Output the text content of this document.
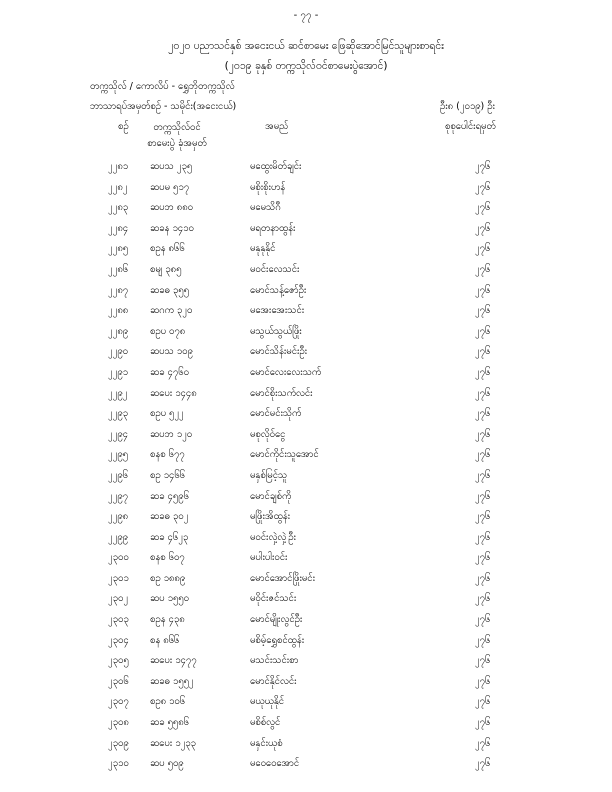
- ၇၇ -
၂၀၂၀ ပညာသင်နှစ် အငေးငယ် ဆင်စာမေး ဖြေဆိုအောင်မြင်သူများစာရင်း
(၂၀၁၉ ခုနှစ် တက္ကသိုလ်ဝင်စာမေးပွဲအောင်)
တက္ကသိုလ် / ကောလိပ် - ရွှေဘိုတက္ကသိုလ်
ဘာသာရပ်အမှတ်စဉ် - သမိုင်း(အငေးငယ်)	ဦး၈ (၂၀၁၉) ဦး
စဉ်	တက္ကသိုလ်ဝင်စာမေးပွဲ ခုံအမှတ်
အမည်	စုစုပေါင်းရမှတ်
၂၂၈၁ ဆပသ ၂၃၅	မထွေးမိတ်ချင်း	၂၇၆
၂၂၈၂ ဆပမ ၅၁၇	မစိုးစိုးဟန်	၂၇၆
၂၂၈၃ ဆပဘ ၈၈၀	မမေသိဂီ	၂၇၆
၂၂၈၄ ဆခန ၁၄၁၀	မရတနာထွန်း	၂၇၆
၂၂၈၅ စဥန ၈၆၆	မနုနုနိုင်	၂၇၆
၂၂၈၆ စမျ ၃၈၅	မဝင်းလေသင်း	၂၇၆
၂၂၈၇ ဆခဓ ၃၅၅	မောင်သန့်ဇော်ဦး	၂၇၆
၂၂၈၈ ဆဂက ၃၂၀	မအေးအေးသင်း	၂၇၆
၂၂၈၉ စဥပ ၀၇၈	မသွယ်သွယ်ဖြိုး	၂၇၆
၂၂၉၀ ဆပသ ၁၀၉	မောင်သိန်းမင်းဦး	၂၇၆
၂၂၉၁ ဆခ ၄၇၆၀	မောင်လေးလေးသက်	၂၇၆
၂၂၉၂ ဆပေး ၁၄၄၈	မောင်စိုးသက်လင်း	၂၇၆
၂၂၉၃ စဥပ ၅၂၂	မောင်မင်းသိုက်	၂၇၆
၂၂၉၄ ဆပဘ ၁၂၀	မစုလိုဝ်ငွေ	၂၇၆
၂၂၉၅ စနစ ၆၇၇	မောင်ကိုင်းသူအောင်	၂၇၆
၂၂၉၆ စဥ ၁၄၆၆	မနှစ်မြင့်သူ	၂၇၆
၂၂၉၇ ဆခ ၄၅၉၆	မောင်ချစ်ကို	၂၇၆
၂၂၉၈ ဆခဓ ၃၀၂	မဖြိုးအိထွန်း	၂၇၆
၂၂၉၉ ဆခ ၄၆၂၃	မဝင်းလှဲ့လှဲ့ဦး	၂၇၆
၂၃၀၀ စနစ ၆၀၇	မပါးပါးဝင်း	၂၇၆
၂၃၀၁ စဥ ၁၈၈၉	မောင်အောင်ဖြိုးမင်း	၂၇၆
၂၃၀၂ ဆပ ၁၅၅၀	မဝိုင်းဇင်သင်း	၂၇၆
၂၃၀၃ စဥန ၄၃၈	မောင်မျိုးလွင်ဦး	၂၇၆
၂၃၀၄ စန ၈၆၆	မစိမ့်ရွှေစင်ထွန်း	၂၇၆
၂၃၀၅ ဆပေး ၁၄၇၇	မသင်းသင်းစာ	၂၇၆
၂၃၀၆ ဆခဓ ၁၅၅၂	မောင်နိုင်လင်း	၂၇၆
၂၃၀၇ စဥ၈ ၁၀၆	မယုယုနိုင်	၂၇၆
၂၃၀၈ ဆခ ၅၅၈၆	မစိစ်လွင်	၂၇၆
၂၃၀၉ ဆပေး ၁၂၃၃	မနှင်းယုစံ	၂၇၆
၂၃၁၀ ဆပ ၅၀၉	မဝေဝေအောင်	၂၇၆
